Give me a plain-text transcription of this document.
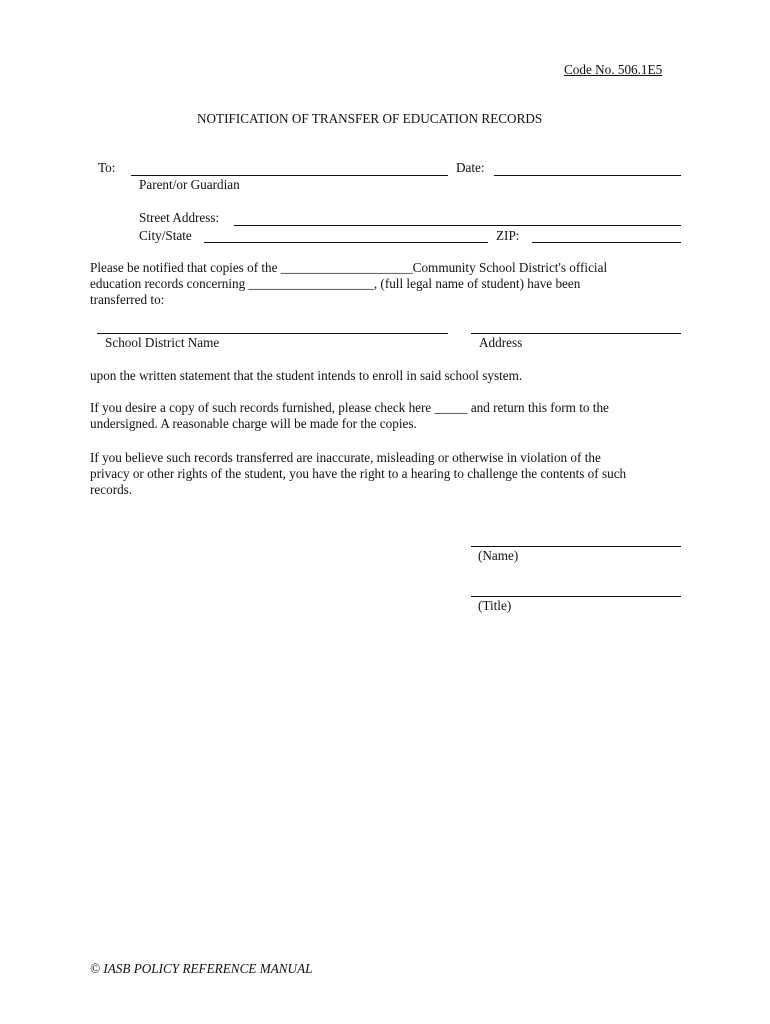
Code No. 506.1E5
NOTIFICATION OF TRANSFER OF EDUCATION RECORDS
To:	Date:
Parent/or Guardian
Street Address:
City/State	ZIP:
Please be notified that copies of the ____________________Community School District's official
education records concerning ___________________, (full legal name of student) have been
transferred to:
School District Name	Address
upon the written statement that the student intends to enroll in said school system.
If you desire a copy of such records furnished, please check here _____ and return this form to the
undersigned. A reasonable charge will be made for the copies.
If you believe such records transferred are inaccurate, misleading or otherwise in violation of the
privacy or other rights of the student, you have the right to a hearing to challenge the contents of such
records.
(Name)
(Title)
© IASB POLICY REFERENCE MANUAL
